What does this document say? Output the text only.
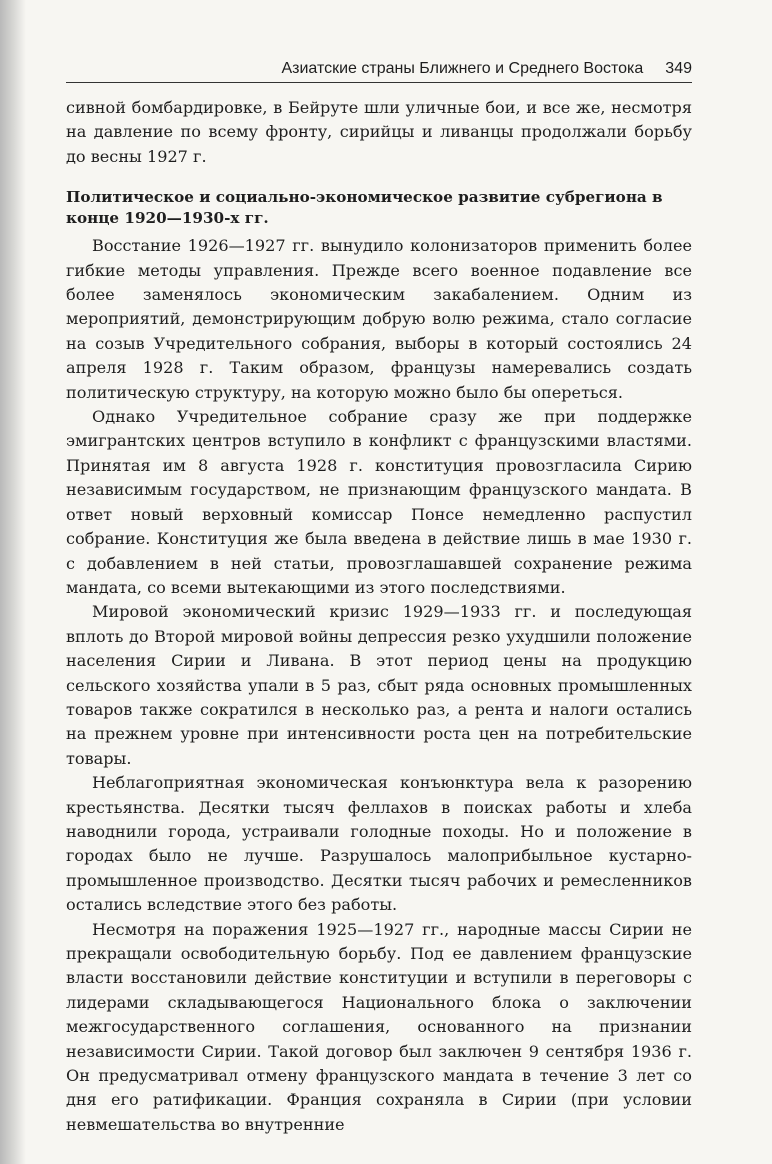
Азиатские страны Ближнего и Среднего Востока 349

сивной бомбардировке, в Бейруте шли уличные бои, и все же, несмотря на давление по всему фронту, сирийцы и ливанцы продолжали борьбу до весны 1927 г.

Политическое и социально-экономическое развитие субрегиона в конце 1920—1930-х гг.

Восстание 1926—1927 гг. вынудило колонизаторов применить более гибкие методы управления. Прежде всего военное подавление все более заменялось экономическим закабалением. Одним из мероприятий, демонстрирующим добрую волю режима, стало согласие на созыв Учредительного собрания, выборы в который состоялись 24 апреля 1928 г. Таким образом, французы намеревались создать политическую структуру, на которую можно было бы опереться.

Однако Учредительное собрание сразу же при поддержке эмигрантских центров вступило в конфликт с французскими властями. Принятая им 8 августа 1928 г. конституция провозгласила Сирию независимым государством, не признающим французского мандата. В ответ новый верховный комиссар Понсе немедленно распустил собрание. Конституция же была введена в действие лишь в мае 1930 г. с добавлением в ней статьи, провозглашавшей сохранение режима мандата, со всеми вытекающими из этого последствиями.

Мировой экономический кризис 1929—1933 гг. и последующая вплоть до Второй мировой войны депрессия резко ухудшили положение населения Сирии и Ливана. В этот период цены на продукцию сельского хозяйства упали в 5 раз, сбыт ряда основных промышленных товаров также сократился в несколько раз, а рента и налоги остались на прежнем уровне при интенсивности роста цен на потребительские товары.

Неблагоприятная экономическая конъюнктура вела к разорению крестьянства. Десятки тысяч феллахов в поисках работы и хлеба наводнили города, устраивали голодные походы. Но и положение в городах было не лучше. Разрушалось малоприбыльное кустарно-промышленное производство. Десятки тысяч рабочих и ремесленников остались вследствие этого без работы.

Несмотря на поражения 1925—1927 гг., народные массы Сирии не прекращали освободительную борьбу. Под ее давлением французские власти восстановили действие конституции и вступили в переговоры с лидерами складывающегося Национального блока о заключении межгосударственного соглашения, основанного на признании независимости Сирии. Такой договор был заключен 9 сентября 1936 г. Он предусматривал отмену французского мандата в течение 3 лет со дня его ратификации. Франция сохраняла в Сирии (при условии невмешательства во внутренние
